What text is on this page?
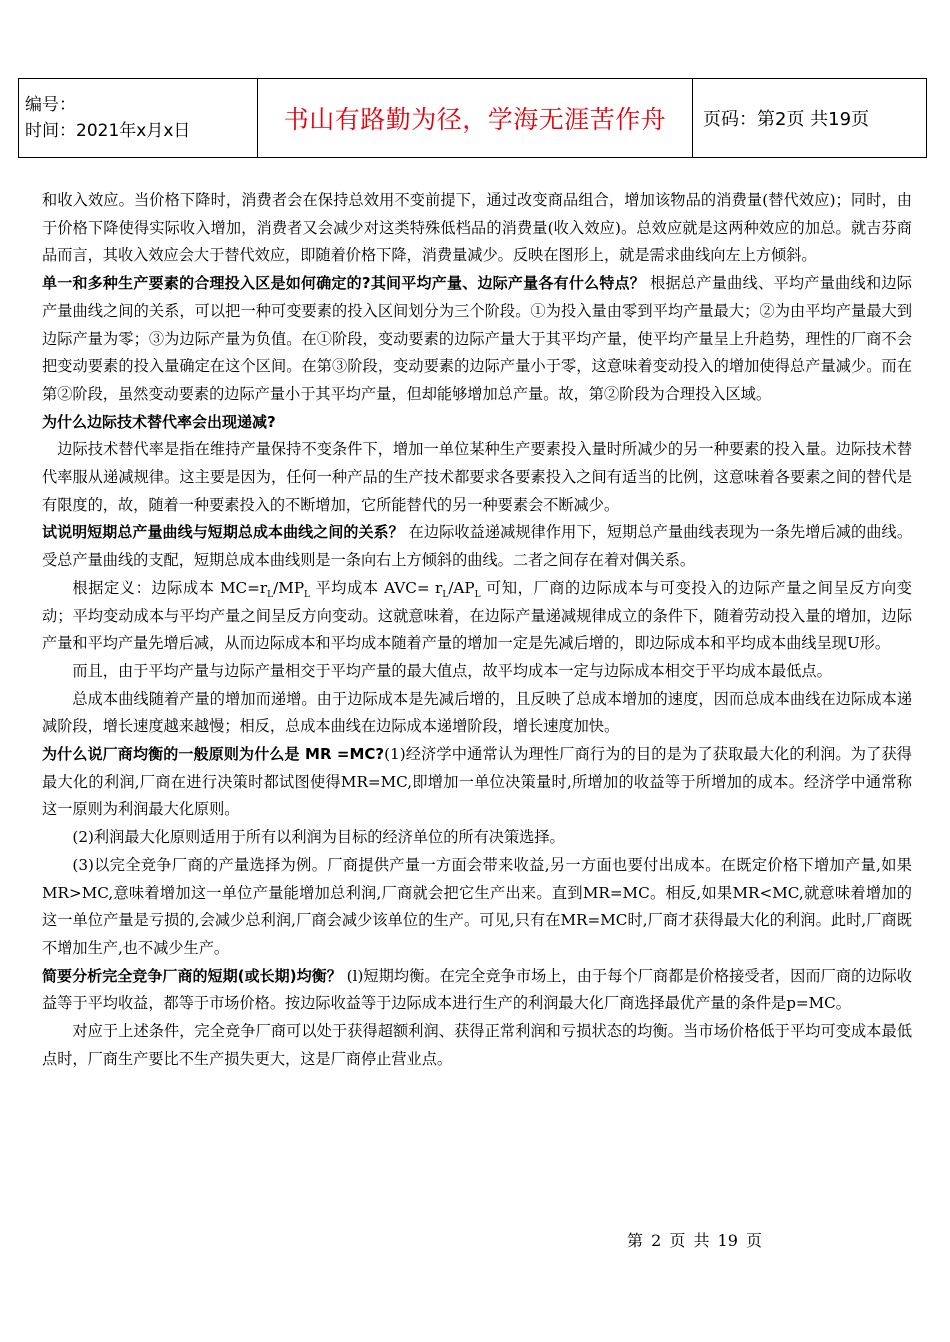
编号：
时间：2021年x月x日	书山有路勤为径，学海无涯苦作舟	页码：第2页 共19页

和收入效应。当价格下降时，消费者会在保持总效用不变前提下，通过改变商品组合，增加该物品的消费量(替代效应)；同时，由于价格下降使得实际收入增加，消费者又会减少对这类特殊低档品的消费量(收入效应)。总效应就是这两种效应的加总。就吉芬商品而言，其收入效应会大于替代效应，即随着价格下降，消费量减少。反映在图形上，就是需求曲线向左上方倾斜。

单一和多种生产要素的合理投入区是如何确定的?其间平均产量、边际产量各有什么特点？ 根据总产量曲线、平均产量曲线和边际产量曲线之间的关系，可以把一种可变要素的投入区间划分为三个阶段。①为投入量由零到平均产量最大；②为由平均产量最大到边际产量为零；③为边际产量为负值。在①阶段，变动要素的边际产量大于其平均产量，使平均产量呈上升趋势，理性的厂商不会把变动要素的投入量确定在这个区间。在第③阶段，变动要素的边际产量小于零，这意味着变动投入的增加使得总产量减少。而在第②阶段，虽然变动要素的边际产量小于其平均产量，但却能够增加总产量。故，第②阶段为合理投入区域。

为什么边际技术替代率会出现递减?

边际技术替代率是指在维持产量保持不变条件下，增加一单位某种生产要素投入量时所减少的另一种要素的投入量。边际技术替代率服从递减规律。这主要是因为，任何一种产品的生产技术都要求各要素投入之间有适当的比例，这意味着各要素之间的替代是有限度的，故，随着一种要素投入的不断增加，它所能替代的另一种要素会不断减少。

试说明短期总产量曲线与短期总成本曲线之间的关系？ 在边际收益递减规律作用下，短期总产量曲线表现为一条先增后减的曲线。受总产量曲线的支配，短期总成本曲线则是一条向右上方倾斜的曲线。二者之间存在着对偶关系。

根据定义：边际成本 $MC=r_L/MP_L$ 平均成本 $AVC= r_L/AP_L$ 可知，厂商的边际成本与可变投入的边际产量之间呈反方向变动；平均变动成本与平均产量之间呈反方向变动。这就意味着，在边际产量递减规律成立的条件下，随着劳动投入量的增加，边际产量和平均产量先增后减，从而边际成本和平均成本随着产量的增加一定是先减后增的，即边际成本和平均成本曲线呈现U形。

而且，由于平均产量与边际产量相交于平均产量的最大值点，故平均成本一定与边际成本相交于平均成本最低点。

总成本曲线随着产量的增加而递增。由于边际成本是先减后增的，且反映了总成本增加的速度，因而总成本曲线在边际成本递减阶段，增长速度越来越慢；相反，总成本曲线在边际成本递增阶段，增长速度加快。

为什么说厂商均衡的一般原则为什么是 MR =MC?(1)经济学中通常认为理性厂商行为的目的是为了获取最大化的利润。为了获得最大化的利润,厂商在进行决策时都试图使得MR=MC,即增加一单位决策量时,所增加的收益等于所增加的成本。经济学中通常称这一原则为利润最大化原则。

(2)利润最大化原则适用于所有以利润为目标的经济单位的所有决策选择。

(3)以完全竞争厂商的产量选择为例。厂商提供产量一方面会带来收益,另一方面也要付出成本。在既定价格下增加产量,如果MR>MC,意味着增加这一单位产量能增加总利润,厂商就会把它生产出来。直到MR=MC。相反,如果MR<MC,就意味着增加的这一单位产量是亏损的,会减少总利润,厂商会减少该单位的生产。可见,只有在MR=MC时,厂商才获得最大化的利润。此时,厂商既不增加生产,也不减少生产。

简要分析完全竞争厂商的短期(或长期)均衡？ (l)短期均衡。在完全竞争市场上，由于每个厂商都是价格接受者，因而厂商的边际收益等于平均收益，都等于市场价格。按边际收益等于边际成本进行生产的利润最大化厂商选择最优产量的条件是p=MC。

对应于上述条件，完全竞争厂商可以处于获得超额利润、获得正常利润和亏损状态的均衡。当市场价格低于平均可变成本最低点时，厂商生产要比不生产损失更大，这是厂商停止营业点。

第 2 页 共 19 页
